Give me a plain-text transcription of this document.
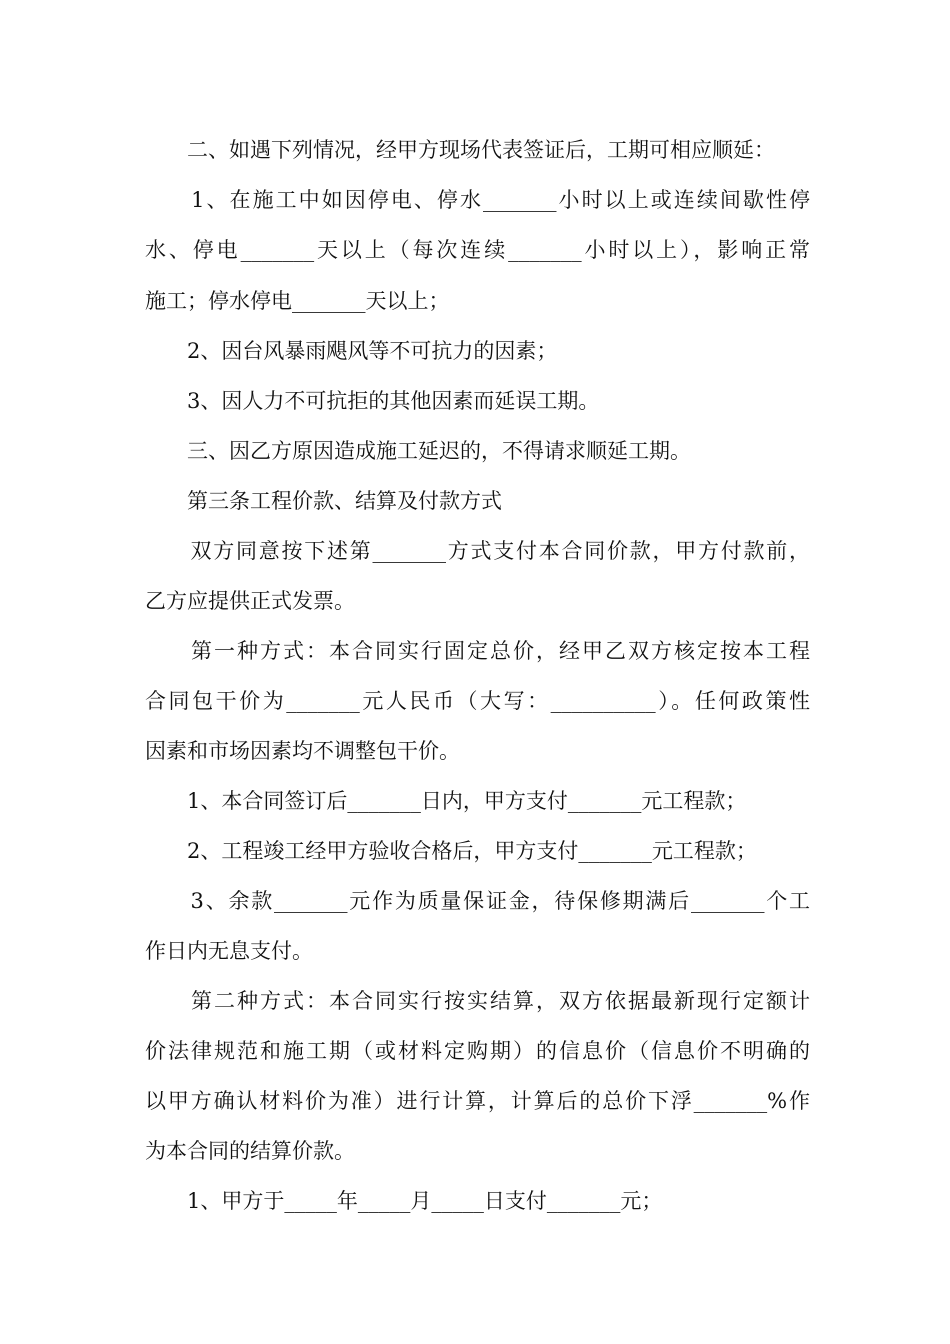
　　二、如遇下列情况，经甲方现场代表签证后，工期可相应顺延：
　　1、在施工中如因停电、停水_______小时以上或连续间歇性停
水、停电_______天以上（每次连续_______小时以上），影响正常
施工；停水停电_______天以上；
　　2、因台风暴雨飓风等不可抗力的因素；
　　3、因人力不可抗拒的其他因素而延误工期。
　　三、因乙方原因造成施工延迟的，不得请求顺延工期。
　　第三条工程价款、结算及付款方式
　　双方同意按下述第_______方式支付本合同价款，甲方付款前，
乙方应提供正式发票。
　　第一种方式：本合同实行固定总价，经甲乙双方核定按本工程
合同包干价为_______元人民币（大写：__________）。任何政策性
因素和市场因素均不调整包干价。
　　1、本合同签订后_______日内，甲方支付_______元工程款；
　　2、工程竣工经甲方验收合格后，甲方支付_______元工程款；
　　3、余款_______元作为质量保证金，待保修期满后_______个工
作日内无息支付。
　　第二种方式：本合同实行按实结算，双方依据最新现行定额计
价法律规范和施工期（或材料定购期）的信息价（信息价不明确的
以甲方确认材料价为准）进行计算，计算后的总价下浮_______%作
为本合同的结算价款。
　　1、甲方于_____年_____月_____日支付_______元；
